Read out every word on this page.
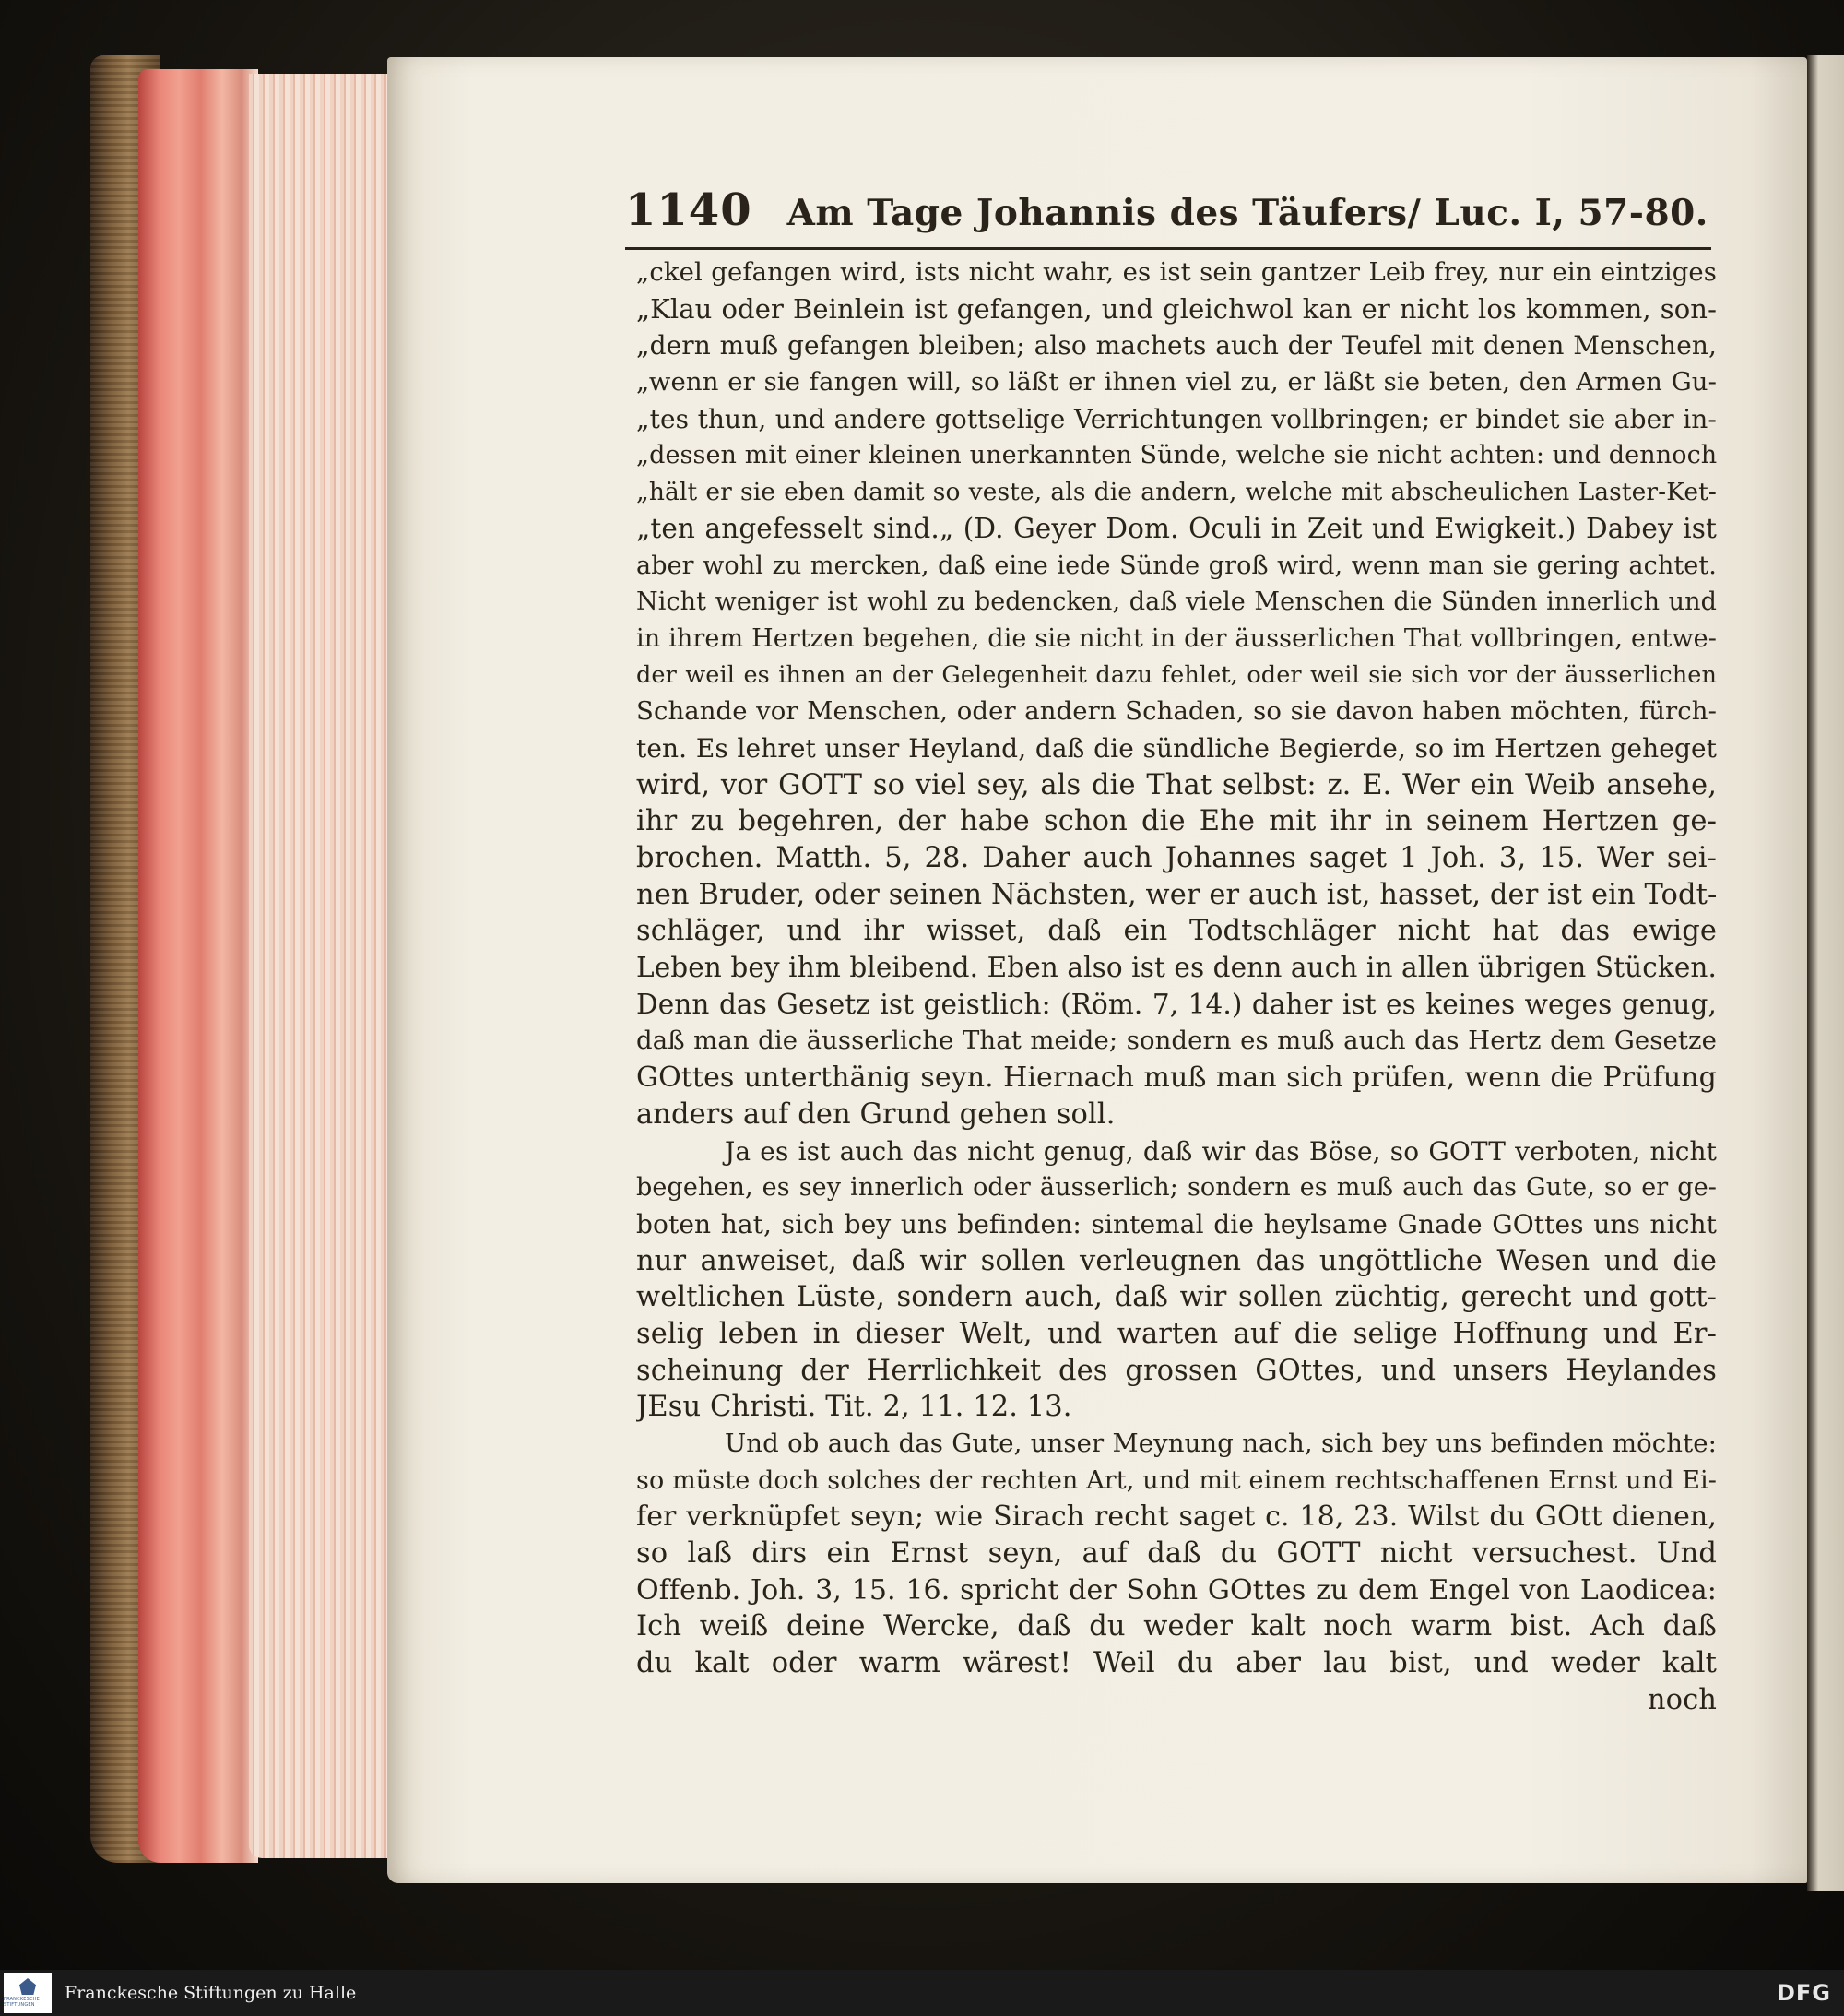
1140 Am Tage Johannis des Täufers/ Luc. I, 57-80.
„ckel gefangen wird, ists nicht wahr, es ist sein gantzer Leib frey, nur ein eintziges
„Klau oder Beinlein ist gefangen, und gleichwol kan er nicht los kommen, son-
„dern muß gefangen bleiben; also machets auch der Teufel mit denen Menschen,
„wenn er sie fangen will, so läßt er ihnen viel zu, er läßt sie beten, den Armen Gu-
„tes thun, und andere gottselige Verrichtungen vollbringen; er bindet sie aber in-
„dessen mit einer kleinen unerkannten Sünde, welche sie nicht achten: und dennoch
„hält er sie eben damit so veste, als die andern, welche mit abscheulichen Laster-Ket-
„ten angefesselt sind.„ (D. Geyer Dom. Oculi in Zeit und Ewigkeit.) Dabey ist
aber wohl zu mercken, daß eine iede Sünde groß wird, wenn man sie gering achtet.
Nicht weniger ist wohl zu bedencken, daß viele Menschen die Sünden innerlich und
in ihrem Hertzen begehen, die sie nicht in der äusserlichen That vollbringen, entwe-
der weil es ihnen an der Gelegenheit dazu fehlet, oder weil sie sich vor der äusserlichen
Schande vor Menschen, oder andern Schaden, so sie davon haben möchten, fürch-
ten. Es lehret unser Heyland, daß die sündliche Begierde, so im Hertzen geheget
wird, vor GOTT so viel sey, als die That selbst: z. E. Wer ein Weib ansehe,
ihr zu begehren, der habe schon die Ehe mit ihr in seinem Hertzen ge-
brochen. Matth. 5, 28. Daher auch Johannes saget 1 Joh. 3, 15. Wer sei-
nen Bruder, oder seinen Nächsten, wer er auch ist, hasset, der ist ein Todt-
schläger, und ihr wisset, daß ein Todtschläger nicht hat das ewige
Leben bey ihm bleibend. Eben also ist es denn auch in allen übrigen Stücken.
Denn das Gesetz ist geistlich: (Röm. 7, 14.) daher ist es keines weges genug,
daß man die äusserliche That meide; sondern es muß auch das Hertz dem Gesetze
GOttes unterthänig seyn. Hiernach muß man sich prüfen, wenn die Prüfung
anders auf den Grund gehen soll.
Ja es ist auch das nicht genug, daß wir das Böse, so GOTT verboten, nicht
begehen, es sey innerlich oder äusserlich; sondern es muß auch das Gute, so er ge-
boten hat, sich bey uns befinden: sintemal die heylsame Gnade GOttes uns nicht
nur anweiset, daß wir sollen verleugnen das ungöttliche Wesen und die
weltlichen Lüste, sondern auch, daß wir sollen züchtig, gerecht und gott-
selig leben in dieser Welt, und warten auf die selige Hoffnung und Er-
scheinung der Herrlichkeit des grossen GOttes, und unsers Heylandes
JEsu Christi. Tit. 2, 11. 12. 13.
Und ob auch das Gute, unser Meynung nach, sich bey uns befinden möchte:
so müste doch solches der rechten Art, und mit einem rechtschaffenen Ernst und Ei-
fer verknüpfet seyn; wie Sirach recht saget c. 18, 23. Wilst du GOtt dienen,
so laß dirs ein Ernst seyn, auf daß du GOTT nicht versuchest. Und
Offenb. Joh. 3, 15. 16. spricht der Sohn GOttes zu dem Engel von Laodicea:
Ich weiß deine Wercke, daß du weder kalt noch warm bist. Ach daß
du kalt oder warm wärest! Weil du aber lau bist, und weder kalt
noch
FRANCKESCHE STIFTUNGEN
Franckesche Stiftungen zu Halle	DFG
